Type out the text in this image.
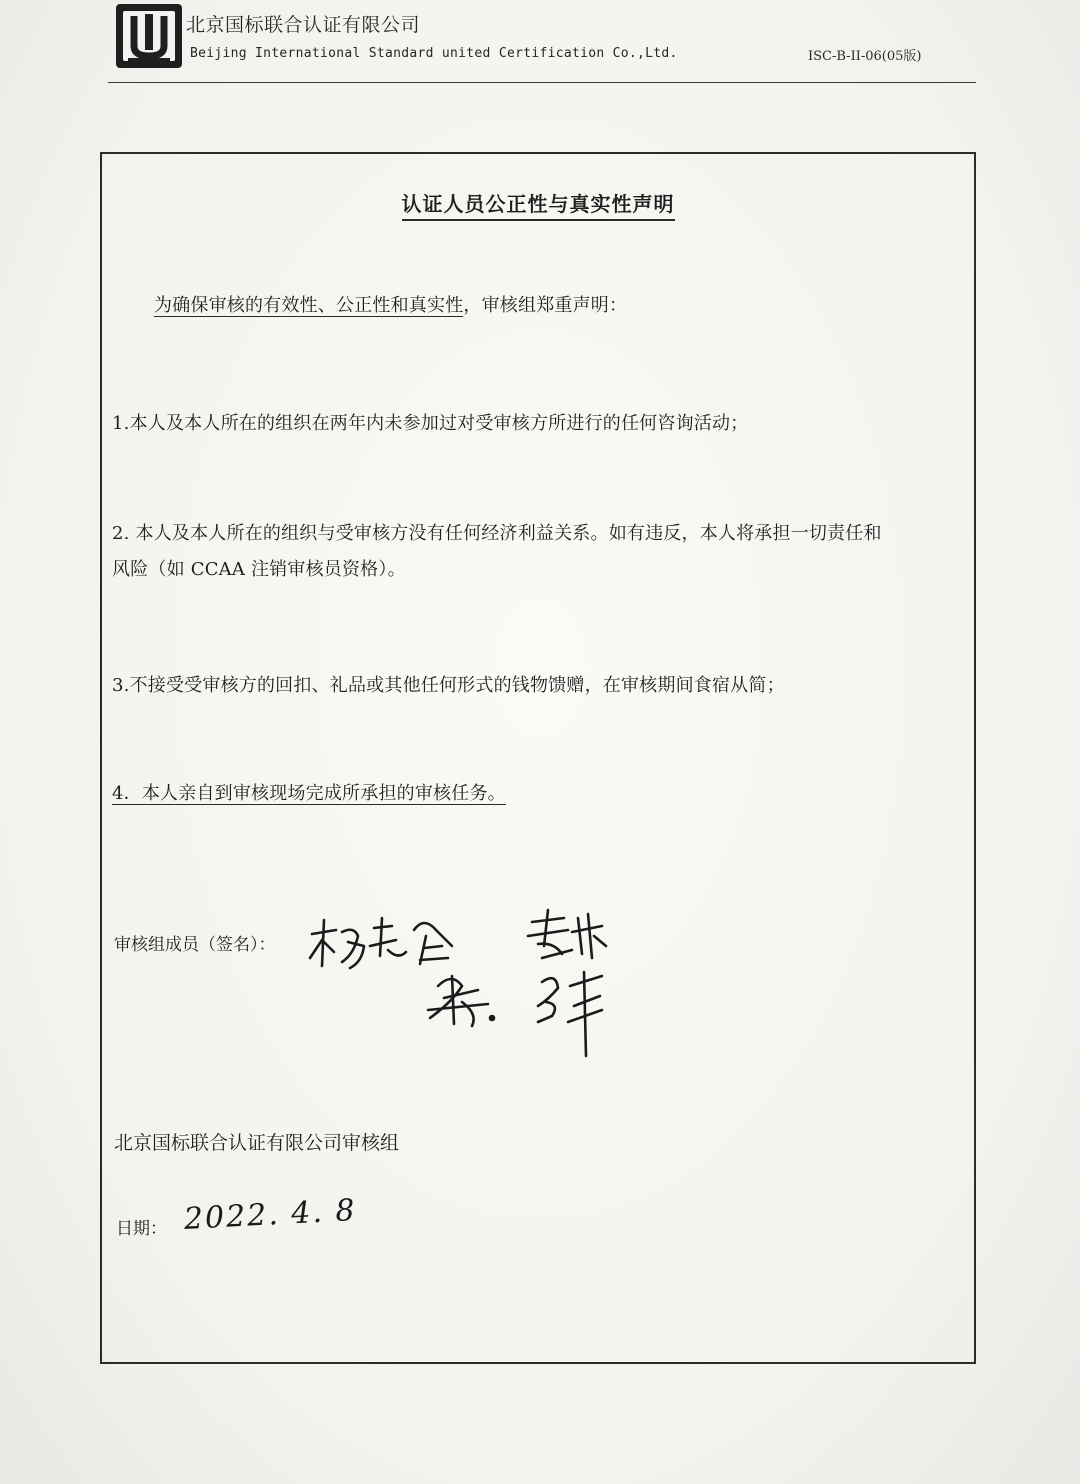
北京国标联合认证有限公司
Beijing International Standard united Certification Co.,Ltd.	ISC-B-II-06(05版)
认证人员公正性与真实性声明
为确保审核的有效性、公正性和真实性，审核组郑重声明：
1.本人及本人所在的组织在两年内未参加过对受审核方所进行的任何咨询活动；
2. 本人及本人所在的组织与受审核方没有任何经济利益关系。如有违反，本人将承担一切责任和
风险（如 CCAA 注销审核员资格）。
3.不接受受审核方的回扣、礼品或其他任何形式的钱物馈赠，在审核期间食宿从简；
4．本人亲自到审核现场完成所承担的审核任务。
审核组成员（签名）：
北京国标联合认证有限公司审核组
日期： 2022. 4. 8
